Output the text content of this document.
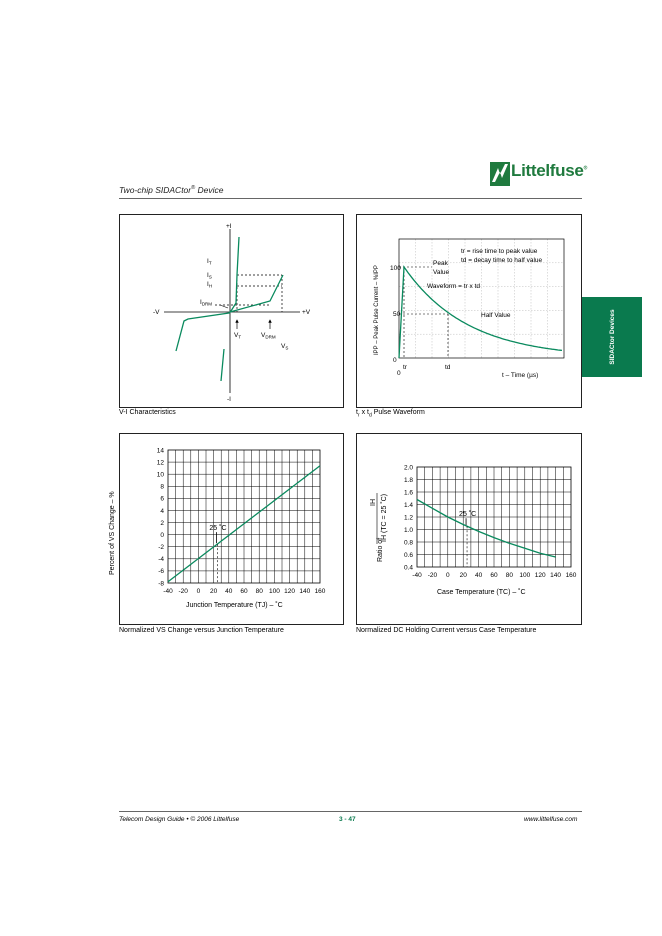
Two-chip SIDACtor® Device
Littelfuse®
SIDACtor Devices
+I
-I
-V	+V
$I_T$
$I_S$
$I_H$
$I_{DRM}$
$V_T$	$V_{DRM}$
$V_S$
V-I Characteristics
100
50
0
0
tr	td
t – Time (µs)
IPP – Peak Pulse Current – %IPP
tr = rise time to peak value
td = decay time to half value
Peak
Value
Waveform = tr x td
Half Value
$t_r$ x $t_d$ Pulse Waveform
-40 -20 0 20 40 60 80 100 120 140 160
-8
-6
-4
-2
0
2
4
6
8
10
12
14
25 ˚C
Junction Temperature (TJ) – ˚C
Percent of VS Change – %
Normalized VS Change versus Junction Temperature
-40 -20 0 20 40 60 80 100 120 140 160
0.4
0.6
0.8
1.0
1.2
1.4
1.6
1.8
2.0
25 ˚C
Case Temperature (TC) – ˚C
Ratio of
IH IH (TC = 25 ˚C)
Normalized DC Holding Current versus Case Temperature
Telecom Design Guide • © 2006 Littelfuse	3 - 47	www.littelfuse.com
